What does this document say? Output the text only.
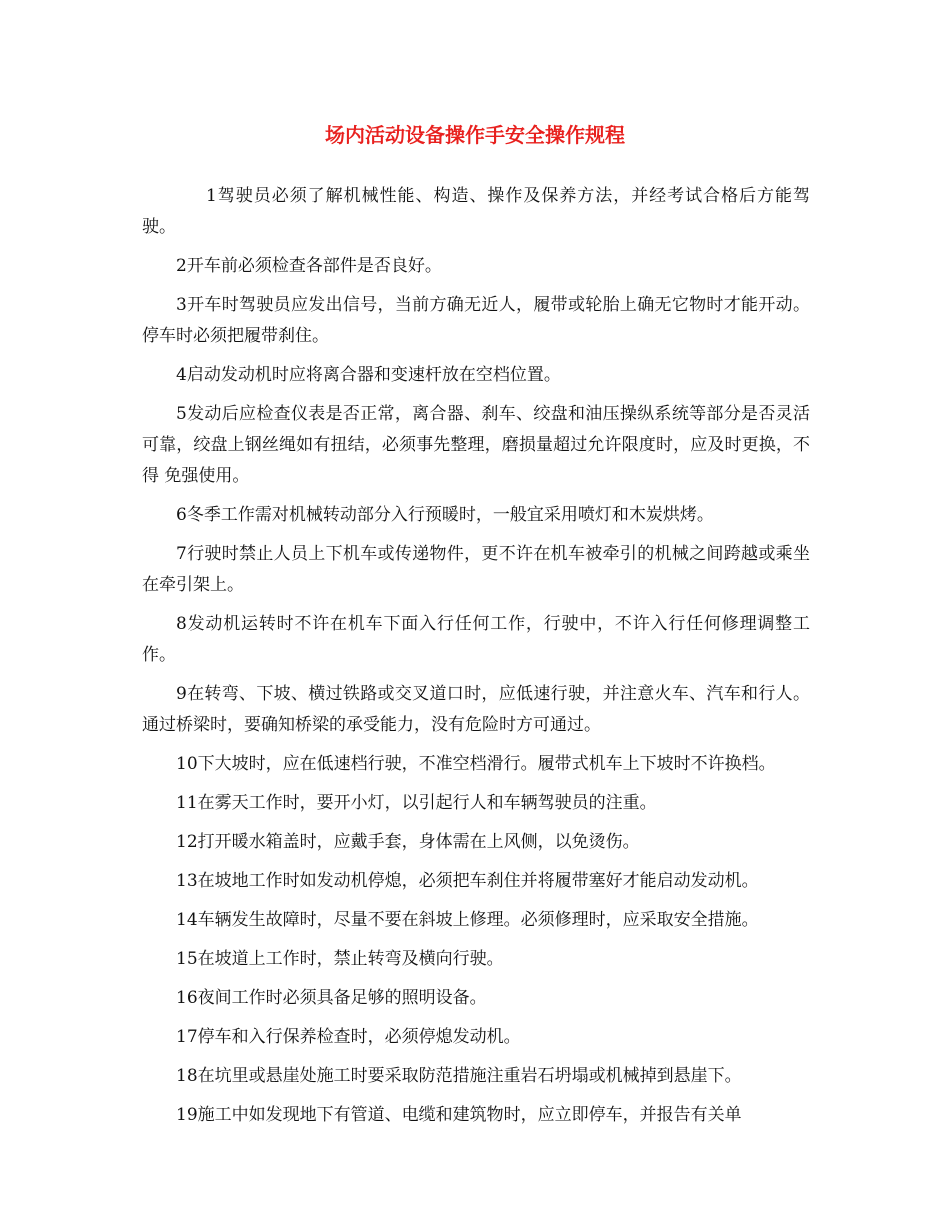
场内活动设备操作手安全操作规程

1驾驶员必须了解机械性能、构造、操作及保养方法，并经考试合格后方能驾驶。

2开车前必须检查各部件是否良好。

3开车时驾驶员应发出信号，当前方确无近人，履带或轮胎上确无它物时才能开动。 停车时必须把履带刹住。

4启动发动机时应将离合器和变速杆放在空档位置。

5发动后应检查仪表是否正常，离合器、刹车、绞盘和油压操纵系统等部分是否灵活 可靠，绞盘上钢丝绳如有扭结，必须事先整理，磨损量超过允许限度时，应及时更换，不得 免强使用。

6冬季工作需对机械转动部分入行预暖时，一般宜采用喷灯和木炭烘烤。

7行驶时禁止人员上下机车或传递物件，更不许在机车被牵引的机械之间跨越或乘坐 在牵引架上。

8发动机运转时不许在机车下面入行任何工作，行驶中，不许入行任何修理调整工作。

9在转弯、下坡、横过铁路或交叉道口时，应低速行驶，并注意火车、汽车和行人。 通过桥梁时，要确知桥梁的承受能力，没有危险时方可通过。

10下大坡时，应在低速档行驶，不准空档滑行。履带式机车上下坡时不许换档。

11在雾天工作时，要开小灯，以引起行人和车辆驾驶员的注重。

12打开暖水箱盖时，应戴手套，身体需在上风侧，以免烫伤。

13在坡地工作时如发动机停熄，必须把车刹住并将履带塞好才能启动发动机。

14车辆发生故障时，尽量不要在斜坡上修理。必须修理时，应采取安全措施。

15在坡道上工作时，禁止转弯及横向行驶。

16夜间工作时必须具备足够的照明设备。

17停车和入行保养检查时，必须停熄发动机。

18在坑里或悬崖处施工时要采取防范措施注重岩石坍塌或机械掉到悬崖下。

19施工中如发现地下有管道、电缆和建筑物时，应立即停车，并报告有关单
